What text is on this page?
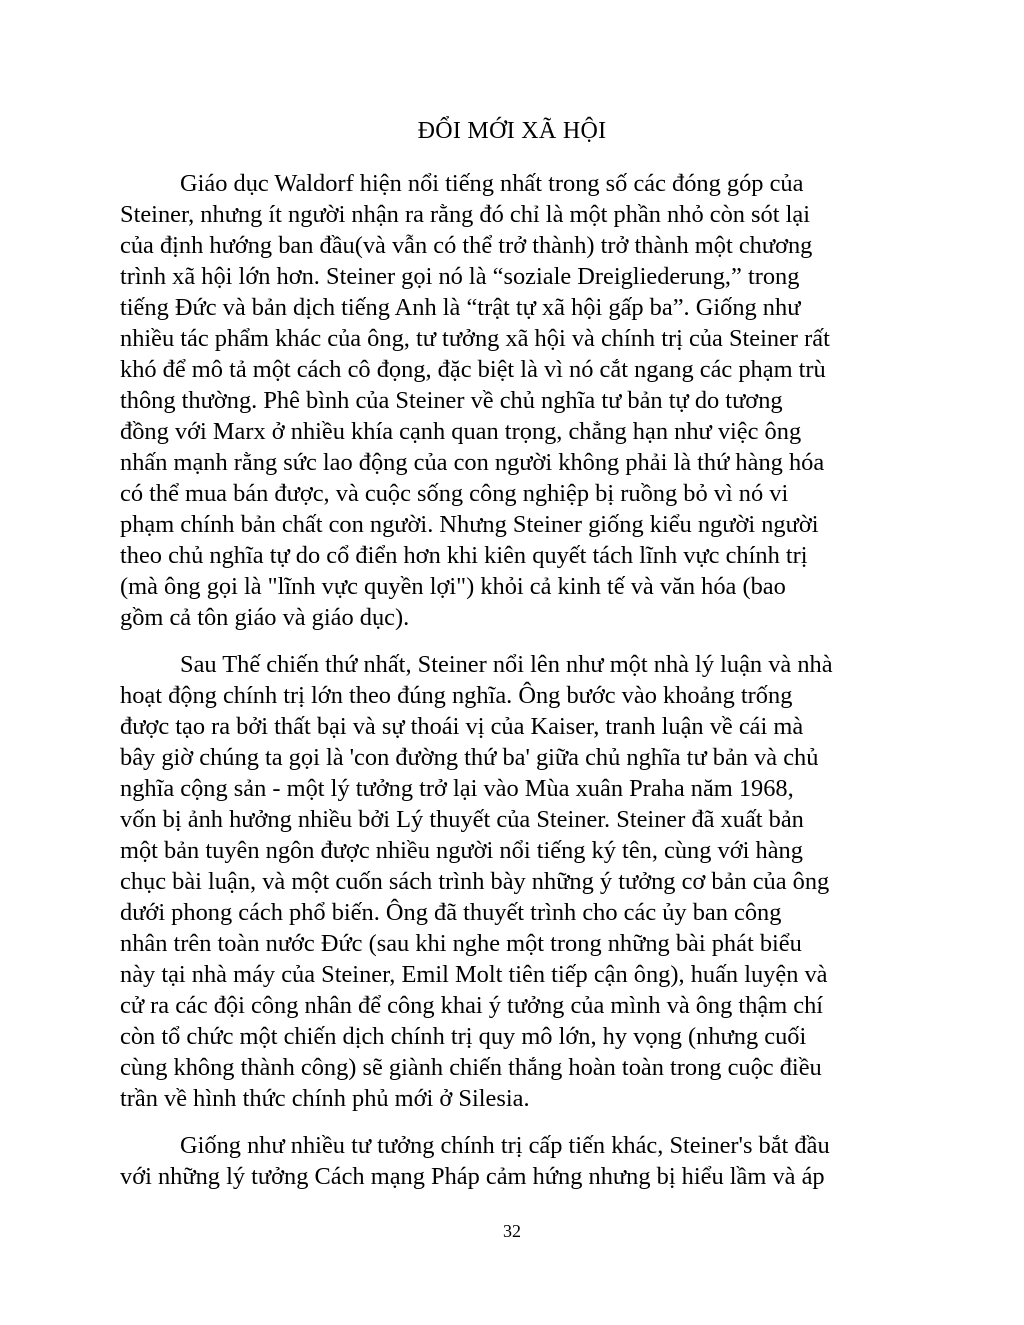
ĐỔI MỚI XÃ HỘI

Giáo dục Waldorf hiện nổi tiếng nhất trong số các đóng góp của
Steiner, nhưng ít người nhận ra rằng đó chỉ là một phần nhỏ còn sót lại
của định hướng ban đầu(và vẫn có thể trở thành) trở thành một chương
trình xã hội lớn hơn. Steiner gọi nó là “soziale Dreigliederung,” trong
tiếng Đức và bản dịch tiếng Anh là “trật tự xã hội gấp ba”. Giống như
nhiều tác phẩm khác của ông, tư tưởng xã hội và chính trị của Steiner rất
khó để mô tả một cách cô đọng, đặc biệt là vì nó cắt ngang các phạm trù
thông thường. Phê bình của Steiner về chủ nghĩa tư bản tự do tương
đồng với Marx ở nhiều khía cạnh quan trọng, chẳng hạn như việc ông
nhấn mạnh rằng sức lao động của con người không phải là thứ hàng hóa
có thể mua bán được, và cuộc sống công nghiệp bị ruồng bỏ vì nó vi
phạm chính bản chất con người. Nhưng Steiner giống kiểu người người
theo chủ nghĩa tự do cổ điển hơn khi kiên quyết tách lĩnh vực chính trị
(mà ông gọi là "lĩnh vực quyền lợi") khỏi cả kinh tế và văn hóa (bao
gồm cả tôn giáo và giáo dục).

Sau Thế chiến thứ nhất, Steiner nổi lên như một nhà lý luận và nhà
hoạt động chính trị lớn theo đúng nghĩa. Ông bước vào khoảng trống
được tạo ra bởi thất bại và sự thoái vị của Kaiser, tranh luận về cái mà
bây giờ chúng ta gọi là 'con đường thứ ba' giữa chủ nghĩa tư bản và chủ
nghĩa cộng sản - một lý tưởng trở lại vào Mùa xuân Praha năm 1968,
vốn bị ảnh hưởng nhiều bởi Lý thuyết của Steiner. Steiner đã xuất bản
một bản tuyên ngôn được nhiều người nổi tiếng ký tên, cùng với hàng
chục bài luận, và một cuốn sách trình bày những ý tưởng cơ bản của ông
dưới phong cách phổ biến. Ông đã thuyết trình cho các ủy ban công
nhân trên toàn nước Đức (sau khi nghe một trong những bài phát biểu
này tại nhà máy của Steiner, Emil Molt tiên tiếp cận ông), huấn luyện và
cử ra các đội công nhân để công khai ý tưởng của mình và ông thậm chí
còn tổ chức một chiến dịch chính trị quy mô lớn, hy vọng (nhưng cuối
cùng không thành công) sẽ giành chiến thắng hoàn toàn trong cuộc điều
trần về hình thức chính phủ mới ở Silesia.

Giống như nhiều tư tưởng chính trị cấp tiến khác, Steiner's bắt đầu
với những lý tưởng Cách mạng Pháp cảm hứng nhưng bị hiểu lầm và áp

32
